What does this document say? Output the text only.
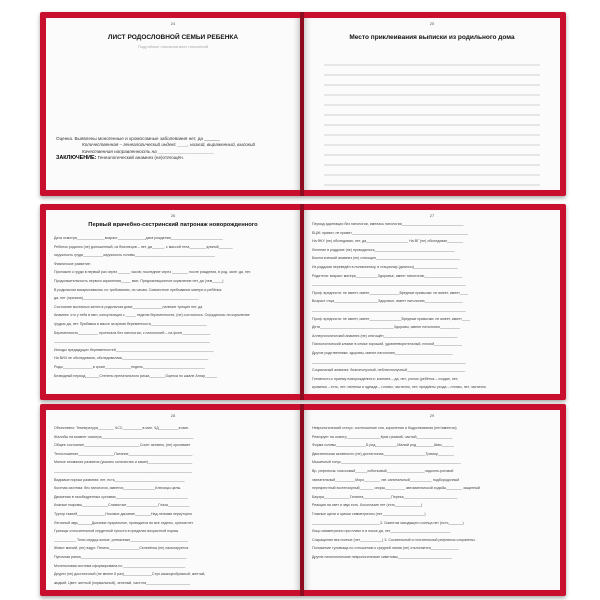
24
ЛИСТ РОДОСЛОВНОЙ СЕМЬИ РЕБЕНКА
Подробные описания всех поколений
Оценка. Выявлены моногенные и хромосомные заболевания нет, да ______
Количественная – генеалогический индекс ____, низкий, выраженный, высокий
Качественная направленность на ______________________
ЗАКЛЮЧЕНИЕ: Генеалогический анамнез (не)отягощён.
25
Место приклеивания выписки из родильного дома
26
Первый врачебно-сестринский патронаж новорожденного
Дата осмотра______________возраст______________дата рождения__________________________
Ребенок родился (не) доношенный, из близнецов – нет, да______, с массой тела________ длиной_______
окружность груди__________окружность головы________________________________________
Физическое развитие:
Приложен к груди в первый раз через ______ часов; последние через ________ после рождения, в род. зале: да, нет.
Продолжительность первого кормления_____ мин. Предлактационное кормление нет, да (чем_____)
В родильном вскармливался: по требованию, по часам. Совместное пребывание матери и ребёнка:
да, нет (причина)__________________________________________________________
Состояние молочных желез в родильном доме_______________наличие трещин нет, да
Анамнез: что у тебя в мен, консультация с _____ неделю беременности, (не) состоялось. Осуждалось ли кормление
грудью да, нет. Прибавка в массе за время беременности____________________________
Беременность__________ протекала без патологии, с патологией – на фоне______________
______________________________________________________________________________
Исходы предыдущих беременностей_________________________________________________
На ВИЧ не обследована, обследовалась___________________________________________
Роды_______________в сроке_____________недель_______________________________
Безводный период_______Степень пренатального риска________Оценка по шкале Апгар______
27
Период адаптации без патологии, имелась патология_______________________________
БЦЖ: привит, не привит__________________________________________________________
На ФКУ (не) обследован, нет, да_____________________ На ВГ (не) обследован________
Лечение в роддоме (не) проводилось________________________________________
Биологический анамнез (не) отягощен__________________________________________
Из роддома переведён в поликлинику, в стационар (диагноз)______________________
Родители: возраст матери___________Здоровье, имеет патологию___________________
_____________________________________________________________________________
Проф. вредности: не имеет, имеет_______________Вредные привычки: не имеет, имеет____
Возраст отца______________________Здоровье, имеет патологию___________________
_____________________________________________________________________________
Проф. вредности: не имеет, имеет________________Вредные привычки: не имеет, имеет____
Дети_____________________________________Здоровы, имеют патологию__________
Аллергологический анамнез (не) отягощён_____________________________________
Психологический климат в семье хороший, удовлетворительный, плохой______________
Другие родственники: здоровы, имеют патологию_____________________________
_____________________________________________________________________________
Социальный анамнез: благополучный, неблагополучный_____________________________
Готовность к приему новорожденного: комната – да, нет; уголок (ребёнок – создан, нет;
кроватка – есть, нет; пеленки и одежда – готовы, частично, нет; предметы ухода – готовы, нет, частично
28
Объективно: Температура________ ЧСС__________в мин. ЧД__________в мин.
Жалобы на момент осмотра______________________________________________
Общее состояние____________________________Сосет активно, (не) срыгивает
Телосложение__________________Питание________________________________
Малые аномалии развития (указать количество и какие)______________________
_____________________________________________________________________
Видимые пороки развития: нет, есть___________________________________
Костная система: без патологии, имеется________________Ключицы целы.
Движения в тазобедренных суставах____________________________________
Кожные покровы_____________Слизистые________________Глаза___________
Тургор тканей______________Носовое дыхание________Над легкими перкуторно
Легочный звук_______Дыхание пуэрильное, проводится во все отделы, хрипов нет
Границы относительной сердечной тупости в пределах возрастной нормы
___________ Тоны сердца ясные, ритмичные_____________________________
Живот мягкий, (не) вздут. Печень_______________Селезёнка (не) пальпируется.
Пупочная ранка_____________________________________________________
Мочеполовая система сформирована по _______________________________
Диурез (не) достаточный (не менее 6 раз)______________Стул кашицеобразный, желтый,
жидкий. Цвет: желтый (нормальный), зеленый, частота______________________
29
Неврологический статус: соотношение сна, кормления и бодрствования (нет/имеется)
Реагирует на осмотр_________________Крик громкий, частый__________________
Форма головы_______________Б.род___________Малый род_________Швы______
Двигательная активность (не) достаточная_____________________Тремор________
Мышечный тонус____________________________________________________________
Вр. рефлексы: поисковый______хоботковый___________________ладонно-ротовой
хватательный__________Моро________ хвт. капитальный___________ подбородочный
перекрестный экстензорный_______ опоры__________ автоматической ходьбы________ защитный
Бауэра_____________Галанта______________Переза___________________________
Реакция на свет и звук есть. Косоглазие нет (есть_____________)
Глазные щели и зрачки симметричны (нет_____________________)
__________________________________3. Симптом заходящего солнца нет (есть_______)
Лицо симметрично при плаче и в покое да, нет______________________________
Сокращение век полное (нет___________) 3. Сосательный и глотательный рефлексы сохранены.
Положение туловища по отношению к средней линии (не) отклоняется______________
Другие патологические неврологические симптомы___________________________
